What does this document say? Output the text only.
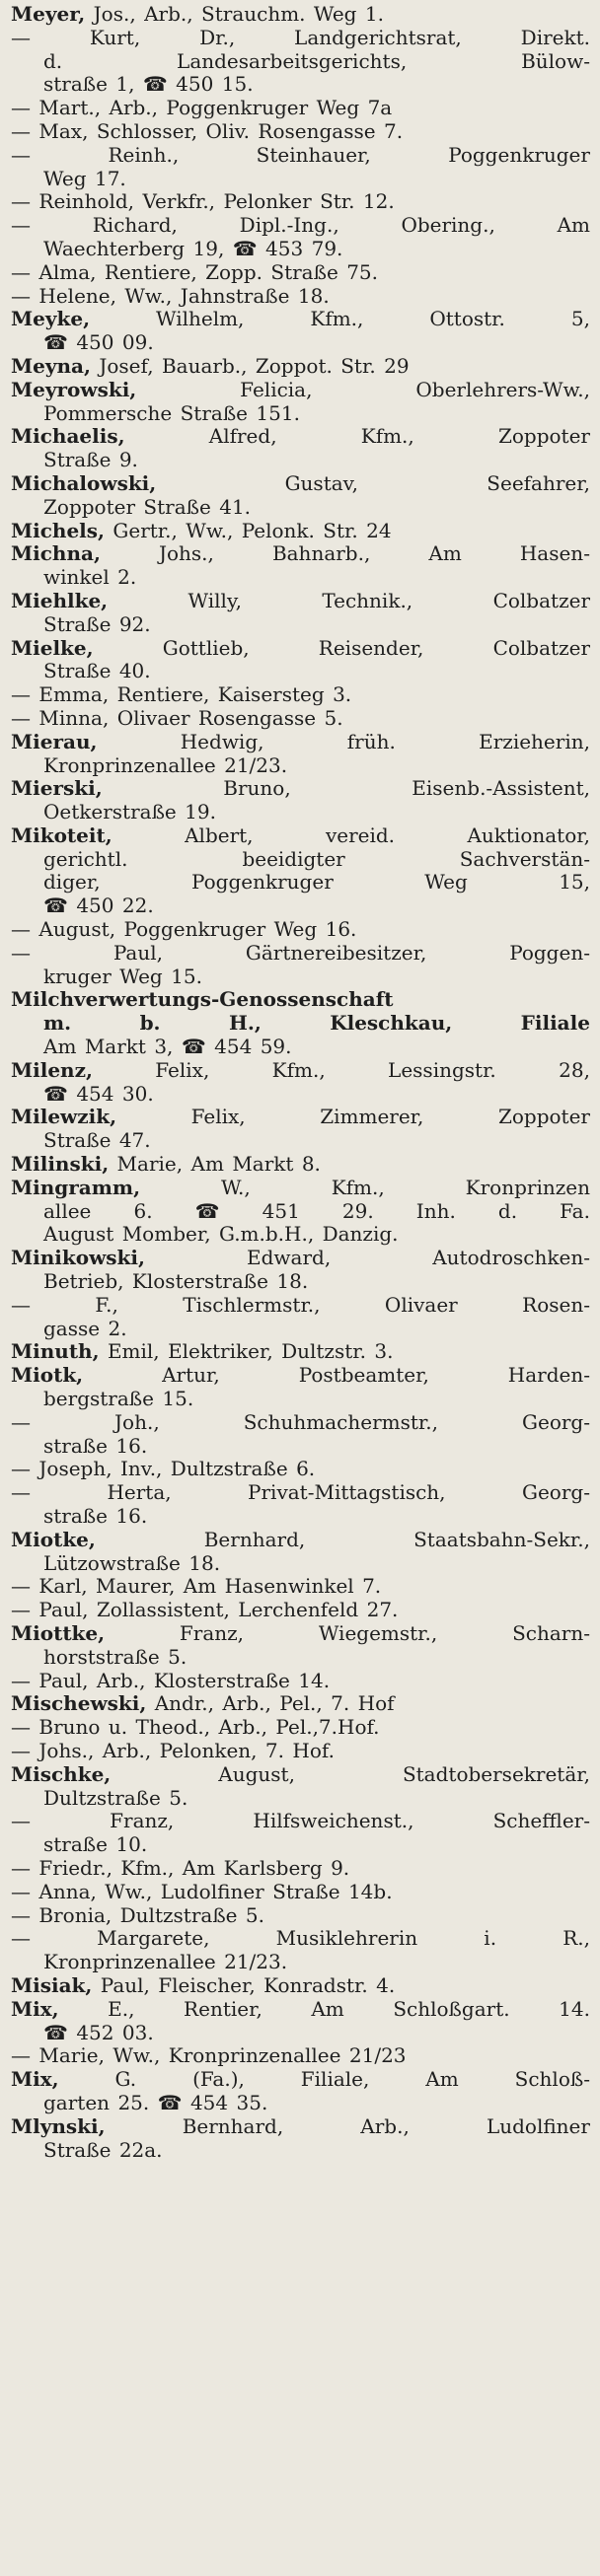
Meyer, Jos., Arb., Strauchm. Weg 1.
—	Kurt,	Dr.,	Landgerichtsrat,	Direkt.
d.	Landesarbeitsgerichts,	Bülow-
straße 1, ☎ 450 15.
— Mart., Arb., Poggenkruger Weg 7a
— Max, Schlosser, Oliv. Rosengasse 7.
—	Reinh.,	Steinhauer,	Poggenkruger
Weg 17.
— Reinhold, Verkfr., Pelonker Str. 12.
—	Richard,	Dipl.-Ing.,	Obering.,	Am
Waechterberg 19, ☎ 453 79.
— Alma, Rentiere, Zopp. Straße 75.
— Helene, Ww., Jahnstraße 18.
Meyke,	Wilhelm,	Kfm.,	Ottostr.	5,
☎ 450 09.
Meyna, Josef, Bauarb., Zoppot. Str. 29
Meyrowski,	Felicia,	Oberlehrers-Ww.,
Pommersche Straße 151.
Michaelis,	Alfred,	Kfm.,	Zoppoter
Straße 9.
Michalowski,	Gustav,	Seefahrer,
Zoppoter Straße 41.
Michels, Gertr., Ww., Pelonk. Str. 24
Michna,	Johs.,	Bahnarb.,	Am	Hasen-
winkel 2.
Miehlke,	Willy,	Technik.,	Colbatzer
Straße 92.
Mielke,	Gottlieb,	Reisender,	Colbatzer
Straße 40.
— Emma, Rentiere, Kaisersteg 3.
— Minna, Olivaer Rosengasse 5.
Mierau,	Hedwig,	früh.	Erzieherin,
Kronprinzenallee 21/23.
Mierski,	Bruno,	Eisenb.-Assistent,
Oetkerstraße 19.
Mikoteit,	Albert,	vereid.	Auktionator,
gerichtl.	beeidigter	Sachverstän-
diger,	Poggenkruger	Weg	15,
☎ 450 22.
— August, Poggenkruger Weg 16.
—	Paul,	Gärtnereibesitzer,	Poggen-
kruger Weg 15.
Milchverwertungs-Genossenschaft
m.	b.	H.,	Kleschkau,	Filiale
Am Markt 3, ☎ 454 59.
Milenz,	Felix,	Kfm.,	Lessingstr.	28,
☎ 454 30.
Milewzik,	Felix,	Zimmerer,	Zoppoter
Straße 47.
Milinski, Marie, Am Markt 8.
Mingramm,	W.,	Kfm.,	Kronprinzen
allee 6. ☎ 451 29. Inh. d. Fa.
August Momber, G.m.b.H., Danzig.
Minikowski,	Edward,	Autodroschken-
Betrieb, Klosterstraße 18.
—	F.,	Tischlermstr.,	Olivaer	Rosen-
gasse 2.
Minuth, Emil, Elektriker, Dultzstr. 3.
Miotk,	Artur,	Postbeamter,	Harden-
bergstraße 15.
—	Joh.,	Schuhmachermstr.,	Georg-
straße 16.
— Joseph, Inv., Dultzstraße 6.
—	Herta,	Privat-Mittagstisch,	Georg-
straße 16.
Miotke,	Bernhard,	Staatsbahn-Sekr.,
Lützowstraße 18.
— Karl, Maurer, Am Hasenwinkel 7.
— Paul, Zollassistent, Lerchenfeld 27.
Miottke,	Franz,	Wiegemstr.,	Scharn-
horststraße 5.
— Paul, Arb., Klosterstraße 14.
Mischewski, Andr., Arb., Pel., 7. Hof
— Bruno u. Theod., Arb., Pel.,7.Hof.
— Johs., Arb., Pelonken, 7. Hof.
Mischke,	August,	Stadtobersekretär,
Dultzstraße 5.
—	Franz,	Hilfsweichenst.,	Scheffler-
straße 10.
— Friedr., Kfm., Am Karlsberg 9.
— Anna, Ww., Ludolfiner Straße 14b.
— Bronia, Dultzstraße 5.
—	Margarete,	Musiklehrerin	i.	R.,
Kronprinzenallee 21/23.
Misiak, Paul, Fleischer, Konradstr. 4.
Mix, E., Rentier, Am Schloßgart. 14.
☎ 452 03.
— Marie, Ww., Kronprinzenallee 21/23
Mix,	G.	(Fa.),	Filiale,	Am	Schloß-
garten 25. ☎ 454 35.
Mlynski,	Bernhard,	Arb.,	Ludolfiner
Straße 22a.
